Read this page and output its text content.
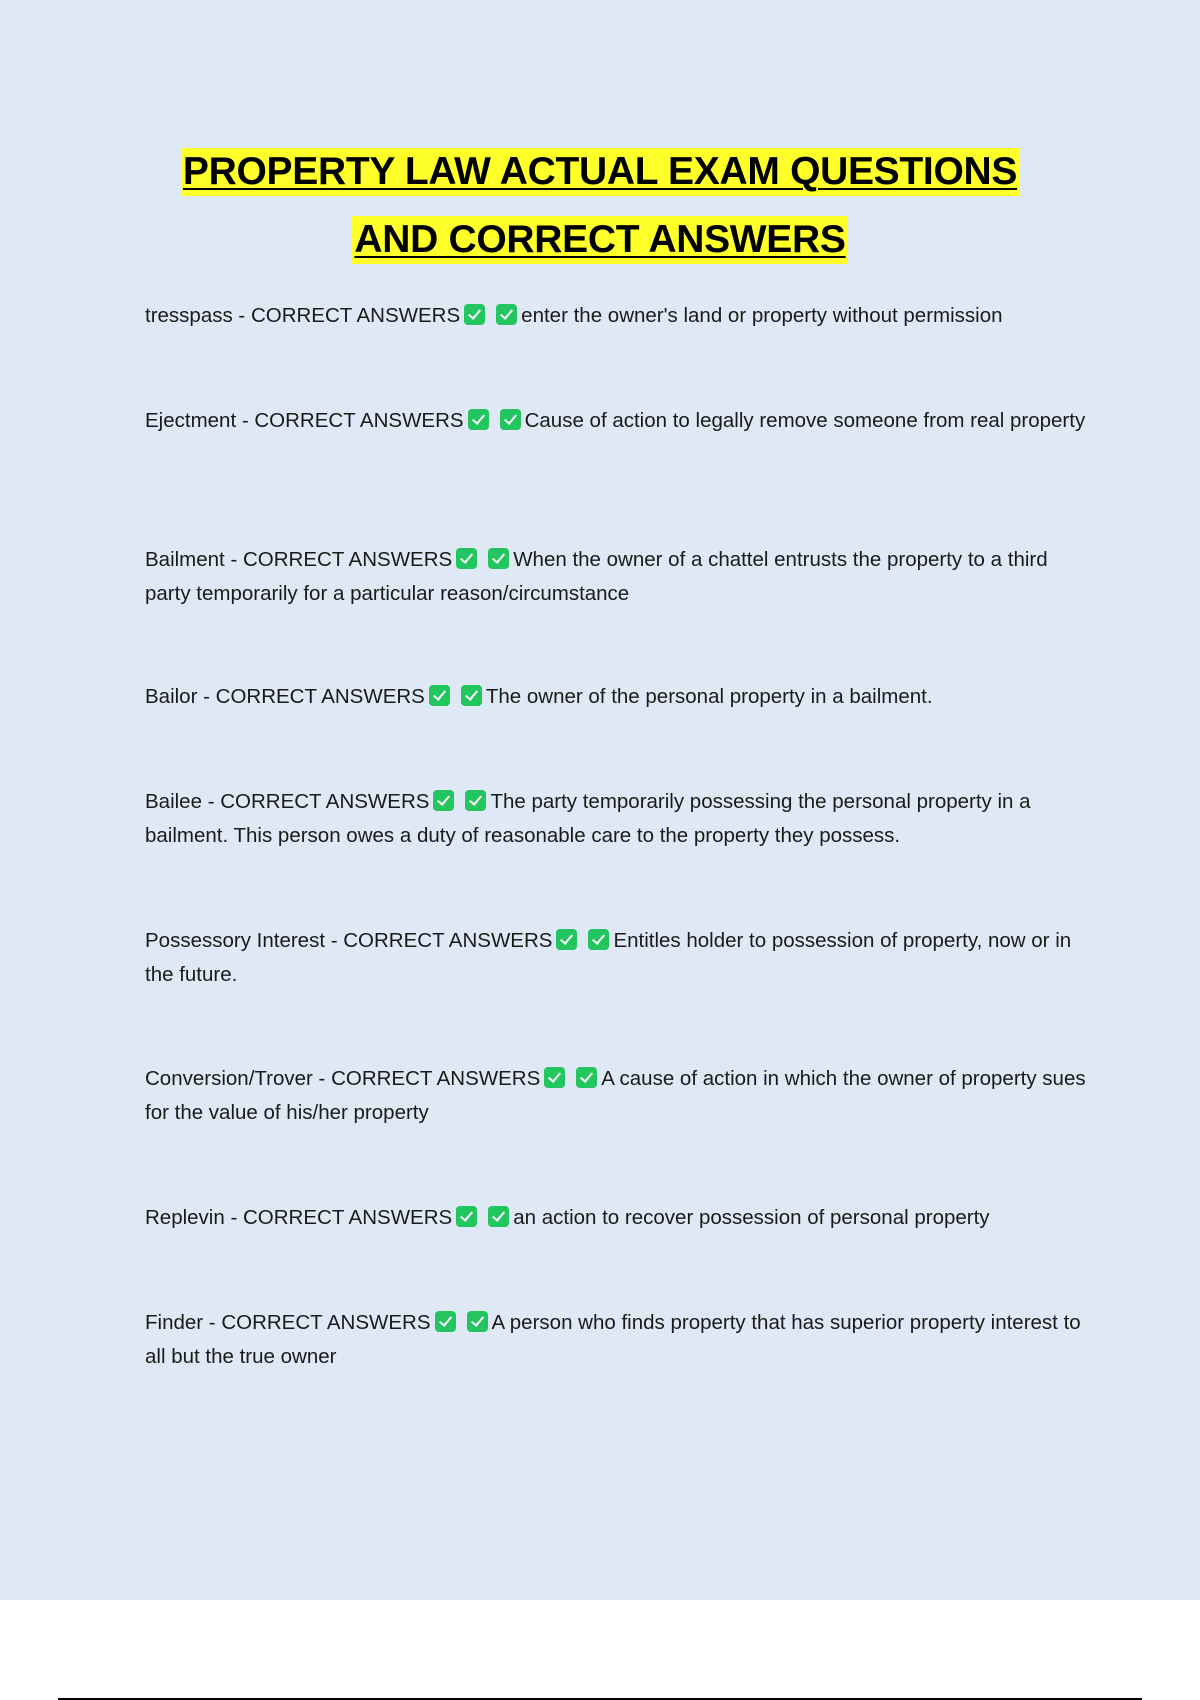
PROPERTY LAW ACTUAL EXAM QUESTIONS
AND CORRECT ANSWERS

tresspass - CORRECT ANSWERS	enter the owner's land or property without permission

Ejectment - CORRECT ANSWERS	Cause of action to legally remove someone from real property

Bailment - CORRECT ANSWERS	When the owner of a chattel entrusts the property to a third party temporarily for a particular reason/circumstance

Bailor - CORRECT ANSWERS	The owner of the personal property in a bailment.

Bailee - CORRECT ANSWERS	The party temporarily possessing the personal property in a bailment. This person owes a duty of reasonable care to the property they possess.

Possessory Interest - CORRECT ANSWERS	Entitles holder to possession of property, now or in the future.

Conversion/Trover - CORRECT ANSWERS	A cause of action in which the owner of property sues for the value of his/her property

Replevin - CORRECT ANSWERS	an action to recover possession of personal property

Finder - CORRECT ANSWERS	A person who finds property that has superior property interest to all but the true owner
